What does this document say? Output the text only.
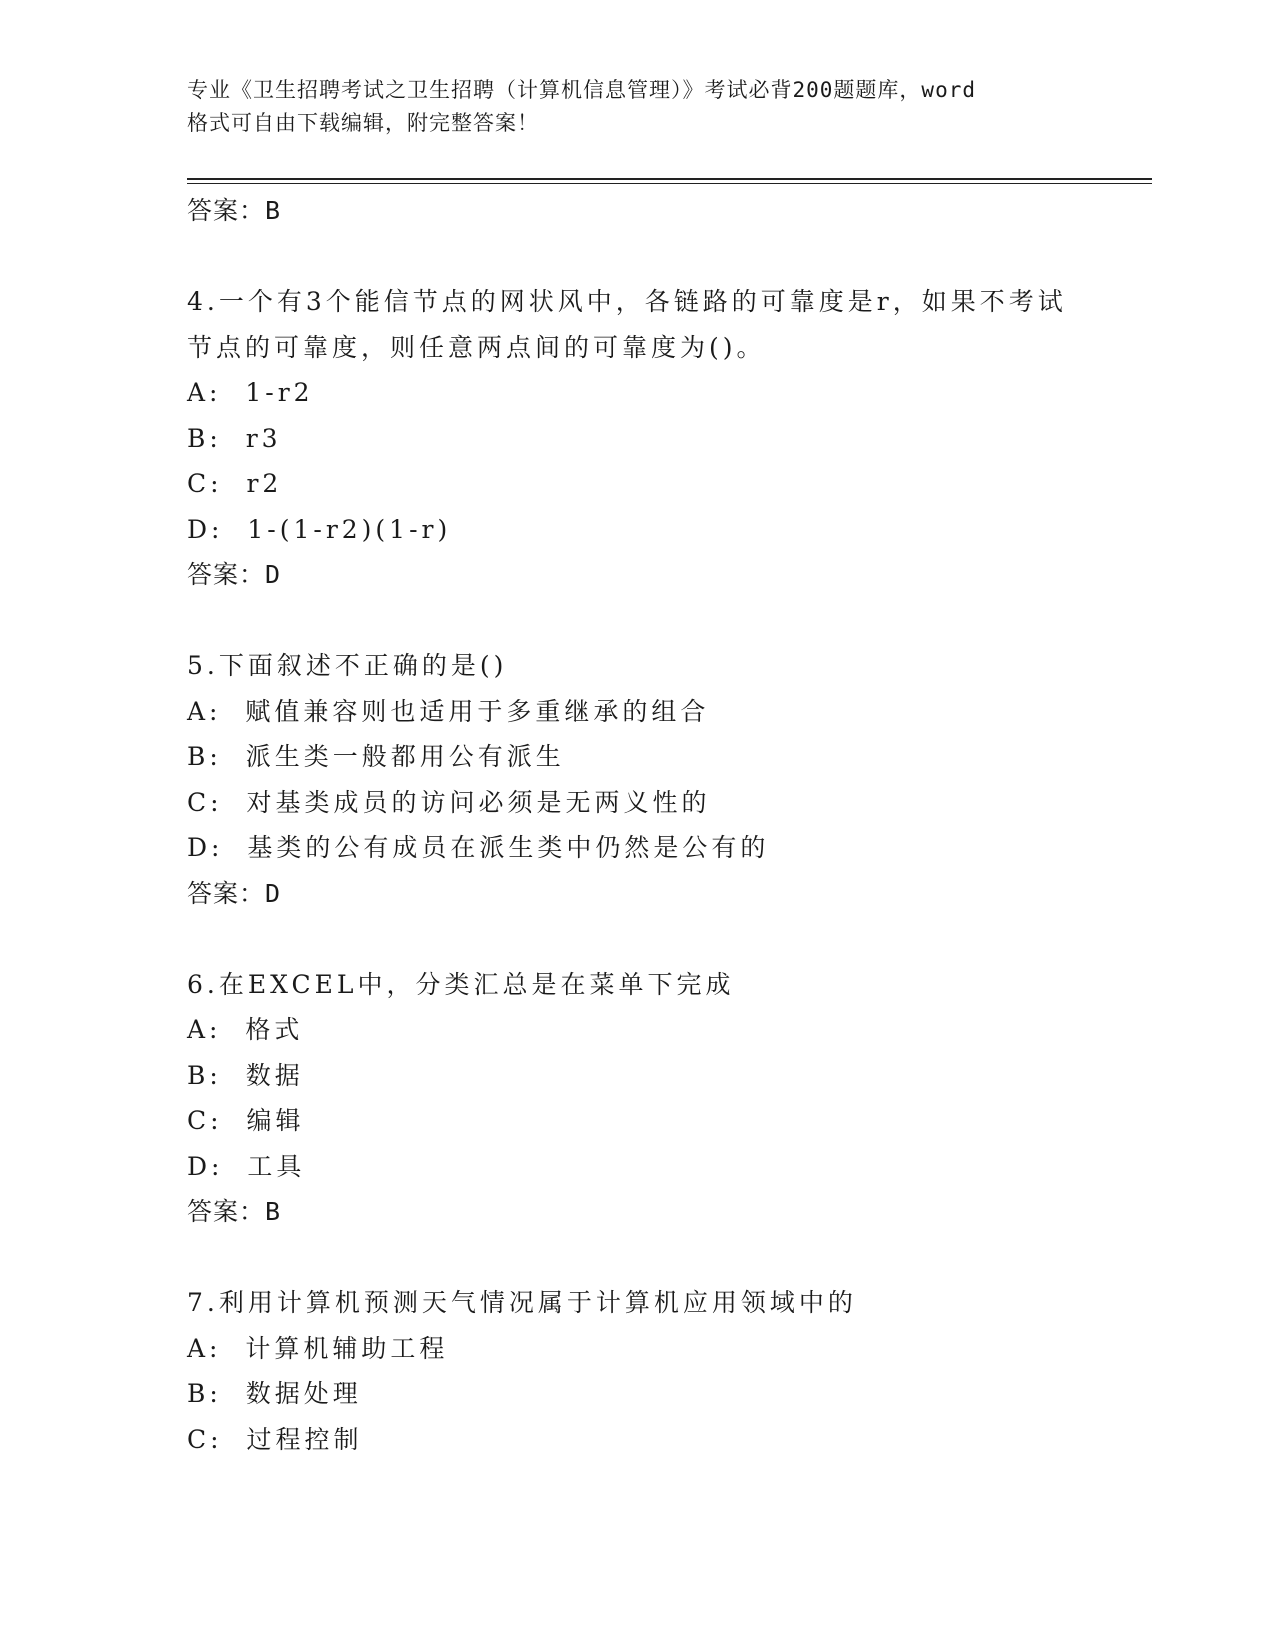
专业《卫生招聘考试之卫生招聘（计算机信息管理）》考试必背200题题库，word
格式可自由下载编辑，附完整答案！
答案：B
4.一个有3个能信节点的网状风中，各链路的可靠度是r，如果不考试
节点的可靠度，则任意两点间的可靠度为()。
A:  1-r2
B:  r3
C:  r2
D:  1-(1-r2)(1-r)
答案：D
5.下面叙述不正确的是()
A:  赋值兼容则也适用于多重继承的组合
B:  派生类一般都用公有派生
C:  对基类成员的访问必须是无两义性的
D:  基类的公有成员在派生类中仍然是公有的
答案：D
6.在EXCEL中，分类汇总是在菜单下完成
A:  格式
B:  数据
C:  编辑
D:  工具
答案：B
7.利用计算机预测天气情况属于计算机应用领域中的
A:  计算机辅助工程
B:  数据处理
C:  过程控制
